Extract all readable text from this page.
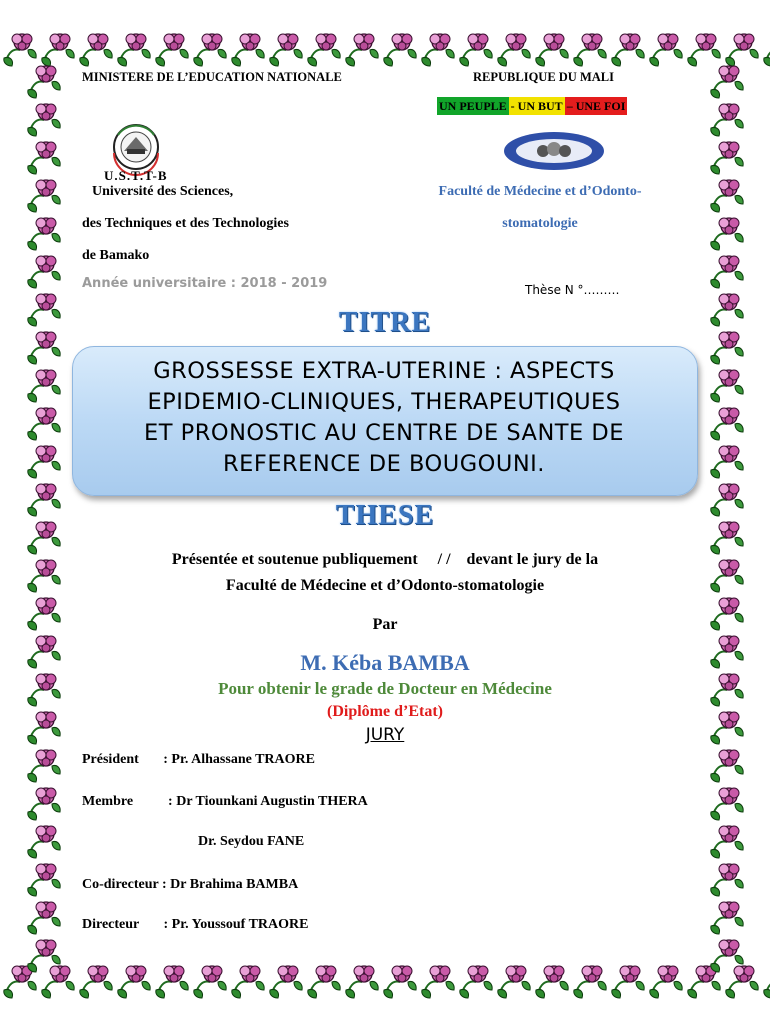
MINISTERE DE L’EDUCATION NATIONALE	REPUBLIQUE DU MALI
UN PEUPLE - UN BUT – UNE FOI
U.S.T.T-B
Université des Sciences,
des Techniques et des Technologies
de Bamako
Année universitaire : 2018 - 2019
Faculté de Médecine et d’Odonto-
stomatologie
Thèse N °………
TITRE
GROSSESSE EXTRA-UTERINE : ASPECTS
EPIDEMIO-CLINIQUES, THERAPEUTIQUES
ET PRONOSTIC AU CENTRE DE SANTE DE
REFERENCE DE BOUGOUNI.
THESE
Présentée et soutenue publiquement     / /    devant le jury de la
Faculté de Médecine et d’Odonto-stomatologie
Par
M. Kéba BAMBA
Pour obtenir le grade de Docteur en Médecine
(Diplôme d’Etat)
JURY
Président       : Pr. Alhassane TRAORE
Membre          : Dr Tiounkani Augustin THERA
Dr. Seydou FANE
Co-directeur : Dr Brahima BAMBA
Directeur       : Pr. Youssouf TRAORE
